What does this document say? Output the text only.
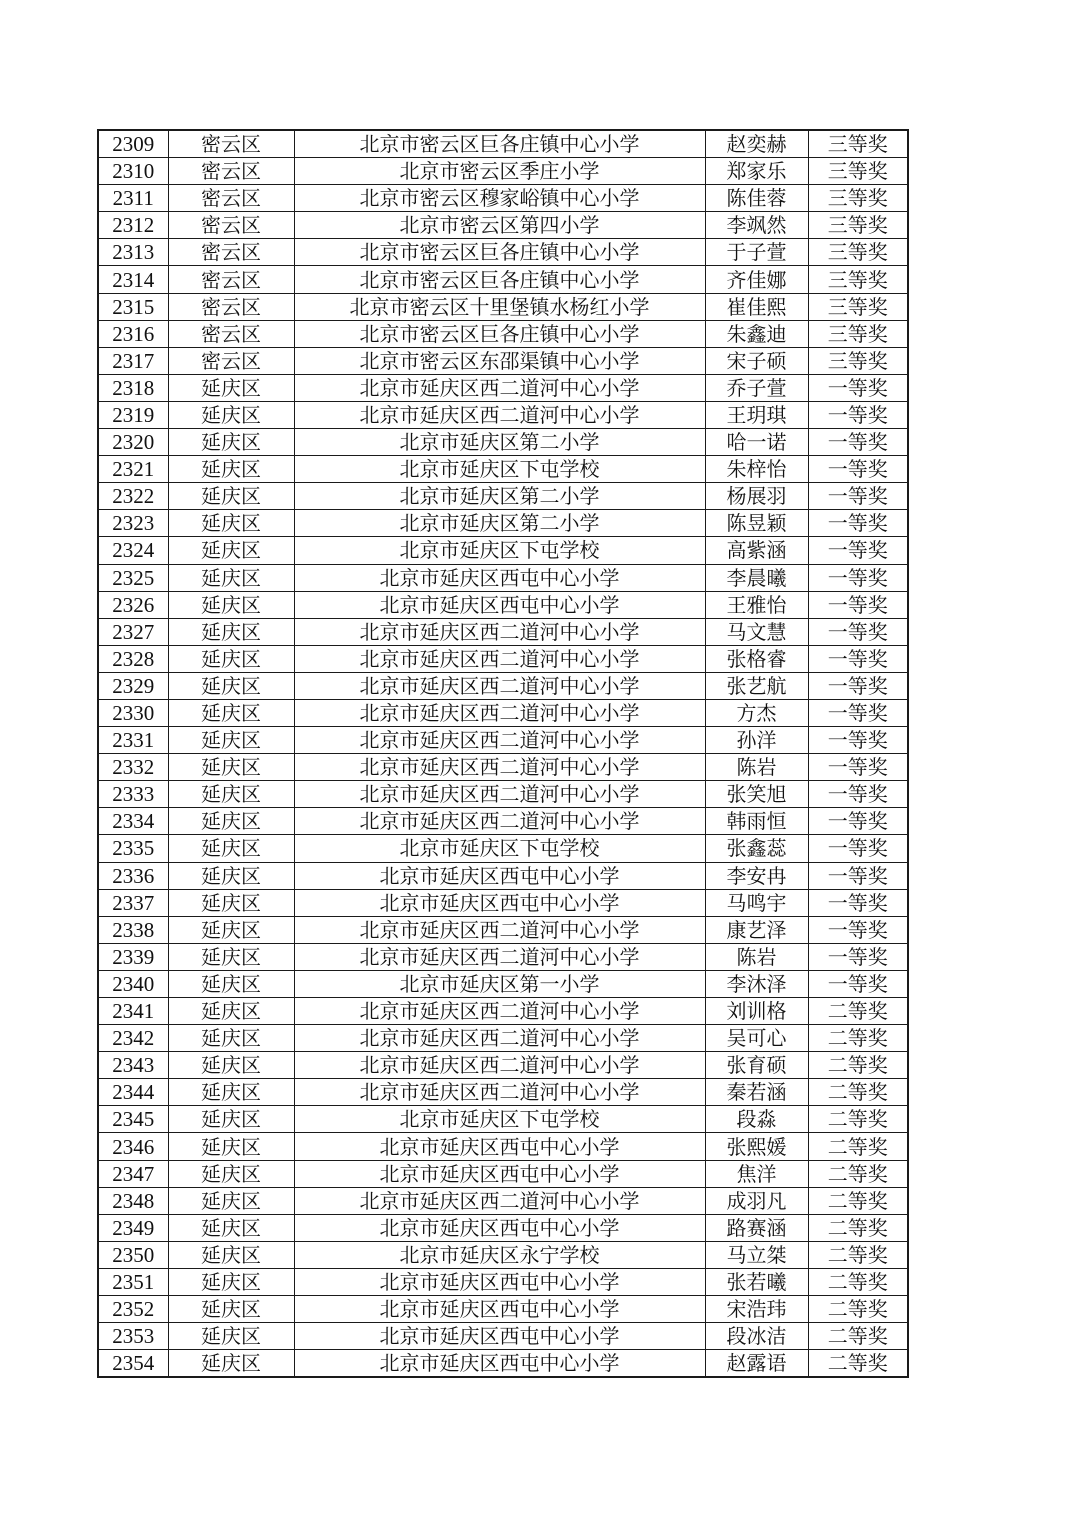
2309	密云区	北京市密云区巨各庄镇中心小学	赵奕赫	三等奖
2310	密云区	北京市密云区季庄小学	郑家乐	三等奖
2311	密云区	北京市密云区穆家峪镇中心小学	陈佳蓉	三等奖
2312	密云区	北京市密云区第四小学	李飒然	三等奖
2313	密云区	北京市密云区巨各庄镇中心小学	于子萱	三等奖
2314	密云区	北京市密云区巨各庄镇中心小学	齐佳娜	三等奖
2315	密云区	北京市密云区十里堡镇水杨红小学	崔佳熙	三等奖
2316	密云区	北京市密云区巨各庄镇中心小学	朱鑫迪	三等奖
2317	密云区	北京市密云区东邵渠镇中心小学	宋子硕	三等奖
2318	延庆区	北京市延庆区西二道河中心小学	乔子萱	一等奖
2319	延庆区	北京市延庆区西二道河中心小学	王玥琪	一等奖
2320	延庆区	北京市延庆区第二小学	哈一诺	一等奖
2321	延庆区	北京市延庆区下屯学校	朱梓怡	一等奖
2322	延庆区	北京市延庆区第二小学	杨展羽	一等奖
2323	延庆区	北京市延庆区第二小学	陈昱颖	一等奖
2324	延庆区	北京市延庆区下屯学校	高紫涵	一等奖
2325	延庆区	北京市延庆区西屯中心小学	李晨曦	一等奖
2326	延庆区	北京市延庆区西屯中心小学	王雅怡	一等奖
2327	延庆区	北京市延庆区西二道河中心小学	马文慧	一等奖
2328	延庆区	北京市延庆区西二道河中心小学	张格睿	一等奖
2329	延庆区	北京市延庆区西二道河中心小学	张艺航	一等奖
2330	延庆区	北京市延庆区西二道河中心小学	方杰	一等奖
2331	延庆区	北京市延庆区西二道河中心小学	孙洋	一等奖
2332	延庆区	北京市延庆区西二道河中心小学	陈岩	一等奖
2333	延庆区	北京市延庆区西二道河中心小学	张笑旭	一等奖
2334	延庆区	北京市延庆区西二道河中心小学	韩雨恒	一等奖
2335	延庆区	北京市延庆区下屯学校	张鑫蕊	一等奖
2336	延庆区	北京市延庆区西屯中心小学	李安冉	一等奖
2337	延庆区	北京市延庆区西屯中心小学	马鸣宇	一等奖
2338	延庆区	北京市延庆区西二道河中心小学	康艺泽	一等奖
2339	延庆区	北京市延庆区西二道河中心小学	陈岩	一等奖
2340	延庆区	北京市延庆区第一小学	李沐泽	一等奖
2341	延庆区	北京市延庆区西二道河中心小学	刘训格	二等奖
2342	延庆区	北京市延庆区西二道河中心小学	吴可心	二等奖
2343	延庆区	北京市延庆区西二道河中心小学	张育硕	二等奖
2344	延庆区	北京市延庆区西二道河中心小学	秦若涵	二等奖
2345	延庆区	北京市延庆区下屯学校	段淼	二等奖
2346	延庆区	北京市延庆区西屯中心小学	张熙媛	二等奖
2347	延庆区	北京市延庆区西屯中心小学	焦洋	二等奖
2348	延庆区	北京市延庆区西二道河中心小学	成羽凡	二等奖
2349	延庆区	北京市延庆区西屯中心小学	路赛涵	二等奖
2350	延庆区	北京市延庆区永宁学校	马立桀	二等奖
2351	延庆区	北京市延庆区西屯中心小学	张若曦	二等奖
2352	延庆区	北京市延庆区西屯中心小学	宋浩玮	二等奖
2353	延庆区	北京市延庆区西屯中心小学	段冰洁	二等奖
2354	延庆区	北京市延庆区西屯中心小学	赵露语	二等奖
